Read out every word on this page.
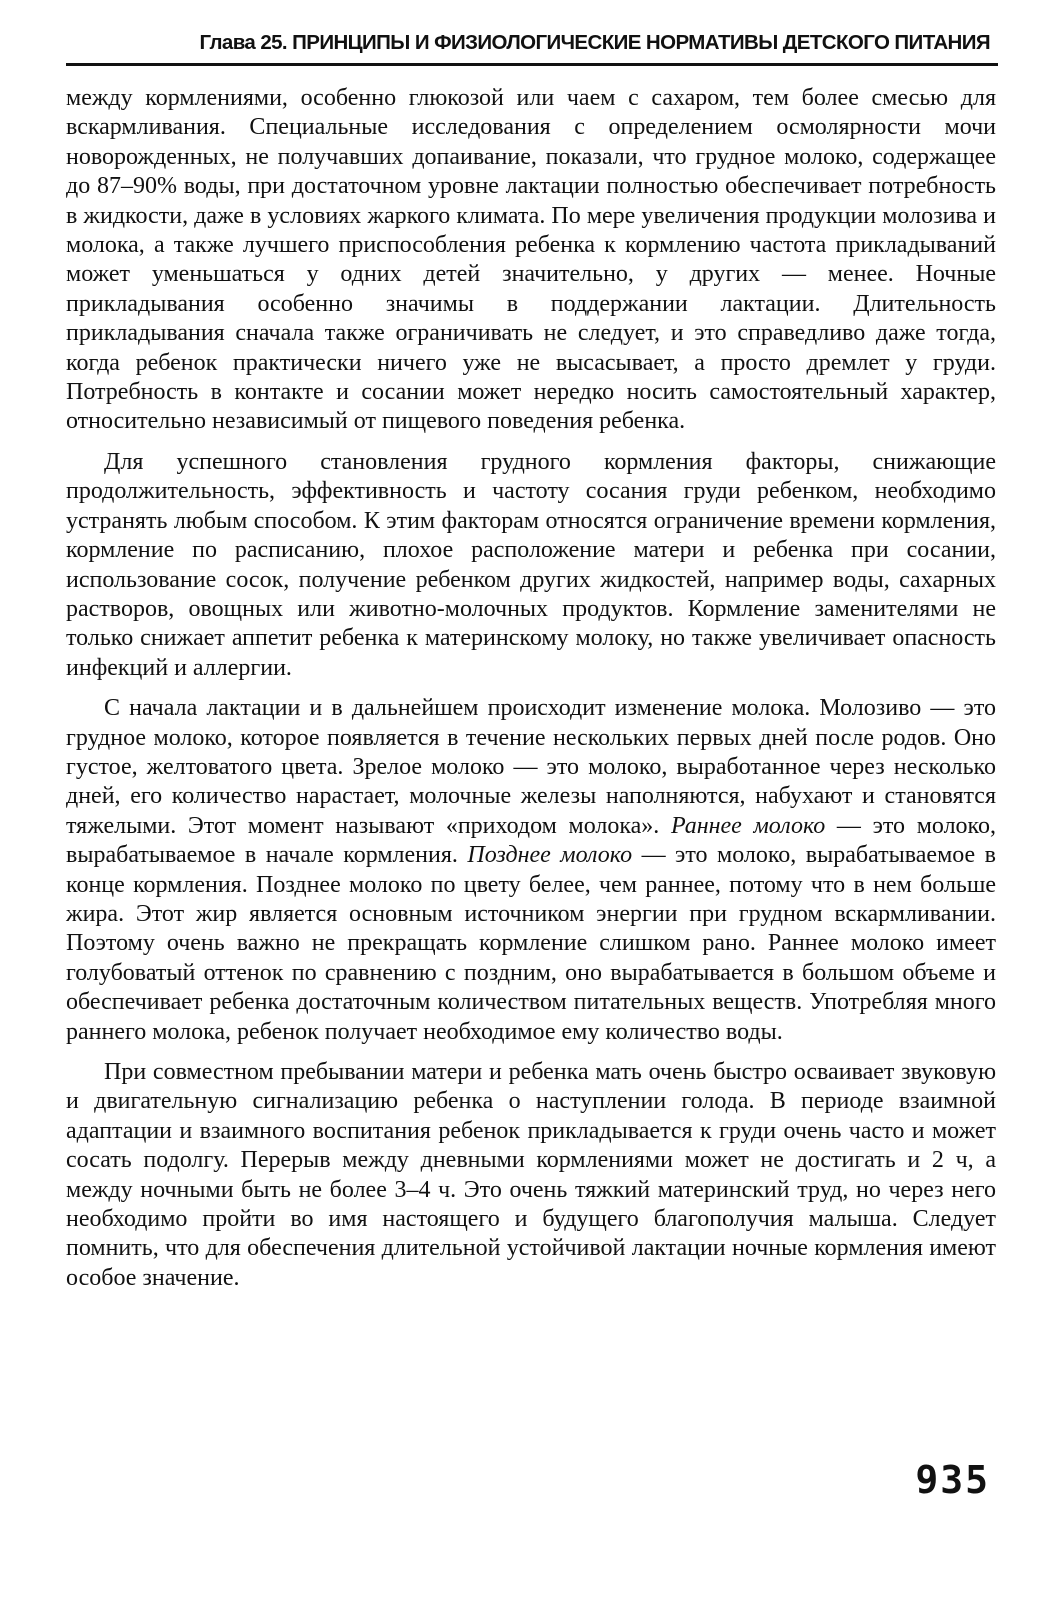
Глава 25. ПРИНЦИПЫ И ФИЗИОЛОГИЧЕСКИЕ НОРМАТИВЫ ДЕТСКОГО ПИТАНИЯ

между кормлениями, особенно глюкозой или чаем с сахаром, тем более смесью для вскармливания. Специальные исследования с определением осмолярности мочи новорожденных, не получавших допаивание, показали, что грудное молоко, содержащее до 87–90% воды, при достаточном уровне лактации полностью обеспечивает потребность в жидкости, даже в условиях жаркого климата. По мере увеличения продукции молозива и молока, а также лучшего приспособления ребенка к кормлению частота прикладываний может уменьшаться у одних детей значительно, у других — менее. Ночные прикладывания особенно значимы в поддержании лактации. Длительность прикладывания сначала также ограничивать не следует, и это справедливо даже тогда, когда ребенок практически ничего уже не высасывает, а просто дремлет у груди. Потребность в контакте и сосании может нередко носить самостоятельный характер, относительно независимый от пищевого поведения ребенка.

Для успешного становления грудного кормления факторы, снижающие продолжительность, эффективность и частоту сосания груди ребенком, необходимо устранять любым способом. К этим факторам относятся ограничение времени кормления, кормление по расписанию, плохое расположение матери и ребенка при сосании, использование сосок, получение ребенком других жидкостей, например воды, сахарных растворов, овощных или животно-молочных продуктов. Кормление заменителями не только снижает аппетит ребенка к материнскому молоку, но также увеличивает опасность инфекций и аллергии.

С начала лактации и в дальнейшем происходит изменение молока. Молозиво — это грудное молоко, которое появляется в течение нескольких первых дней после родов. Оно густое, желтоватого цвета. Зрелое молоко — это молоко, выработанное через несколько дней, его количество нарастает, молочные железы наполняются, набухают и становятся тяжелыми. Этот момент называют «приходом молока». Раннее молоко — это молоко, вырабатываемое в начале кормления. Позднее молоко — это молоко, вырабатываемое в конце кормления. Позднее молоко по цвету белее, чем раннее, потому что в нем больше жира. Этот жир является основным источником энергии при грудном вскармливании. Поэтому очень важно не прекращать кормление слишком рано. Раннее молоко имеет голубоватый оттенок по сравнению с поздним, оно вырабатывается в большом объеме и обеспечивает ребенка достаточным количеством питательных веществ. Употребляя много раннего молока, ребенок получает необходимое ему количество воды.

При совместном пребывании матери и ребенка мать очень быстро осваивает звуковую и двигательную сигнализацию ребенка о наступлении голода. В периоде взаимной адаптации и взаимного воспитания ребенок прикладывается к груди очень часто и может сосать подолгу. Перерыв между дневными кормлениями может не достигать и 2 ч, а между ночными быть не более 3–4 ч. Это очень тяжкий материнский труд, но через него необходимо пройти во имя настоящего и будущего благополучия малыша. Следует помнить, что для обеспечения длительной устойчивой лактации ночные кормления имеют особое значение.

935
